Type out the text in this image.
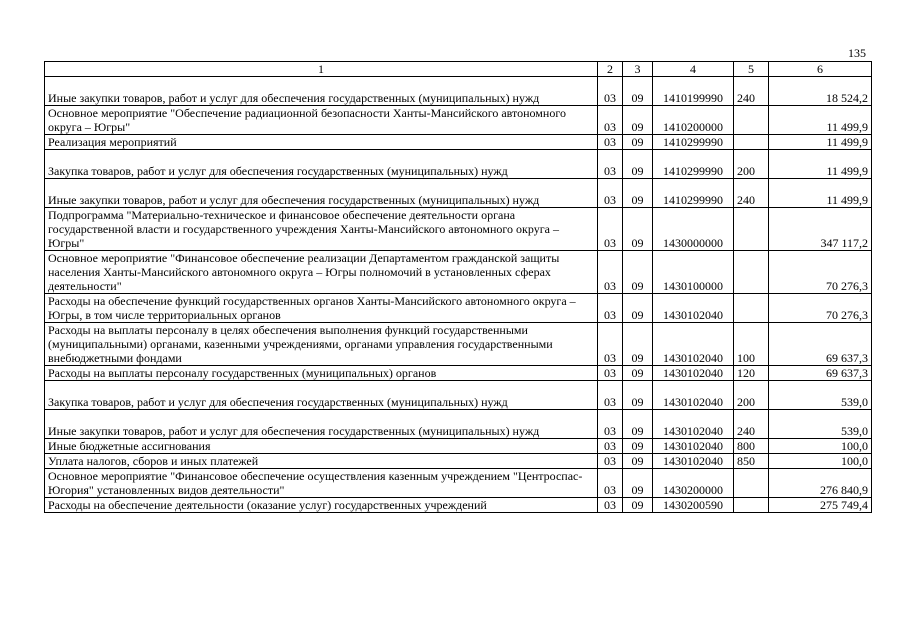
135
1	2	3	4	5	6
Иные закупки товаров, работ и услуг для обеспечения государственных (муниципальных) нужд	03	09	1410199990	240	18 524,2
Основное мероприятие "Обеспечение радиационной безопасности Ханты-Мансийского автономного округа – Югры"	03	09	1410200000		11 499,9
Реализация мероприятий	03	09	1410299990		11 499,9
Закупка товаров, работ и услуг для обеспечения государственных (муниципальных) нужд	03	09	1410299990	200	11 499,9
Иные закупки товаров, работ и услуг для обеспечения государственных (муниципальных) нужд	03	09	1410299990	240	11 499,9
Подпрограмма "Материально-техническое и финансовое обеспечение деятельности органа государственной власти и государственного учреждения Ханты-Мансийского автономного округа – Югры"	03	09	1430000000		347 117,2
Основное мероприятие "Финансовое обеспечение реализации Департаментом гражданской защиты населения Ханты-Мансийского автономного округа – Югры полномочий в установленных сферах деятельности"	03	09	1430100000		70 276,3
Расходы на обеспечение функций государственных органов Ханты-Мансийского автономного округа – Югры, в том числе территориальных органов	03	09	1430102040		70 276,3
Расходы на выплаты персоналу в целях обеспечения выполнения функций государственными (муниципальными) органами, казенными учреждениями, органами управления государственными внебюджетными фондами	03	09	1430102040	100	69 637,3
Расходы на выплаты персоналу государственных (муниципальных) органов	03	09	1430102040	120	69 637,3
Закупка товаров, работ и услуг для обеспечения государственных (муниципальных) нужд	03	09	1430102040	200	539,0
Иные закупки товаров, работ и услуг для обеспечения государственных (муниципальных) нужд	03	09	1430102040	240	539,0
Иные бюджетные ассигнования	03	09	1430102040	800	100,0
Уплата налогов, сборов и иных платежей	03	09	1430102040	850	100,0
Основное мероприятие "Финансовое обеспечение осуществления казенным учреждением "Центроспас-Югория" установленных видов деятельности"	03	09	1430200000		276 840,9
Расходы на обеспечение деятельности (оказание услуг) государственных учреждений	03	09	1430200590		275 749,4
